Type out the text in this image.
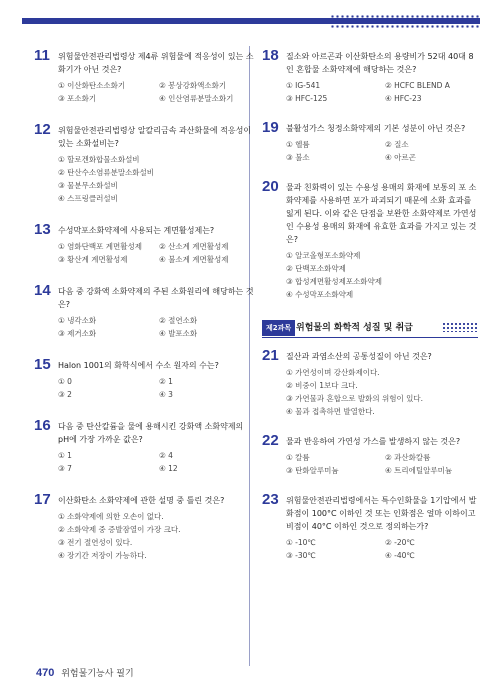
11 위험물안전관리법령상 제4류 위험물에 적응성이 있는 소화기가 아닌 것은?
① 이산화탄소소화기	② 봉상강화액소화기
③ 포소화기	④ 인산염류분말소화기
12 위험물안전관리법령상 알칼리금속 과산화물에 적응성이 있는 소화설비는?
① 할로겐화합물소화설비
② 탄산수소염류분말소화설비
③ 물분무소화설비
④ 스프링클러설비
13 수성막포소화약제에 사용되는 계면활성제는?
① 염화단백포 계면활성제	② 산소계 계면활성제
③ 황산계 계면활성제	④ 불소계 계면활성제
14 다음 중 강화액 소화약제의 주된 소화원리에 해당하는 것은?
① 냉각소화	② 절연소화
③ 제거소화	④ 발포소화
15 Halon 1001의 화학식에서 수소 원자의 수는?
① 0	② 1
③ 2	④ 3
16 다음 중 탄산칼륨을 물에 용해시킨 강화액 소화약제의 pH에 가장 가까운 값은?
① 1	② 4
③ 7	④ 12
17 이산화탄소 소화약제에 관한 설명 중 틀린 것은?
① 소화약제에 의한 오손이 없다.
② 소화약제 중 증발잠열이 가장 크다.
③ 전기 절연성이 있다.
④ 장기간 저장이 가능하다.
18 질소와 아르곤과 이산화탄소의 용량비가 52대 40대 8인 혼합물 소화약제에 해당하는 것은?
① IG-541	② HCFC BLEND A
③ HFC-125	④ HFC-23
19 불활성가스 청정소화약제의 기본 성분이 아닌 것은?
① 헬륨	② 질소
③ 불소	④ 아르곤
20 물과 친화력이 있는 수용성 용매의 화재에 보통의 포 소화약제를 사용하면 포가 파괴되기 때문에 소화 효과를 잃게 된다. 이와 같은 단점을 보완한 소화약제로 가연성인 수용성 용매의 화재에 유효한 효과를 가지고 있는 것은?
① 알코올형포소화약제
② 단백포소화약제
③ 합성계면활성제포소화약제
④ 수성막포소화약제
제2과목 위험물의 화학적 성질 및 취급
21 질산과 과염소산의 공통성질이 아닌 것은?
① 가연성이며 강산화제이다.
② 비중이 1보다 크다.
③ 가연물과 혼합으로 발화의 위험이 있다.
④ 물과 접촉하면 발열한다.
22 물과 반응하여 가연성 가스를 발생하지 않는 것은?
① 칼륨	② 과산화칼륨
③ 탄화알루미늄	④ 트리에틸알루미늄
23 위험물안전관리법령에서는 특수인화물을 1기압에서 발화점이 100°C 이하인 것 또는 인화점은 얼마 이하이고 비점이 40°C 이하인 것으로 정의하는가?
① -10℃	② -20℃
③ -30℃	④ -40℃
470 위험물기능사 필기
